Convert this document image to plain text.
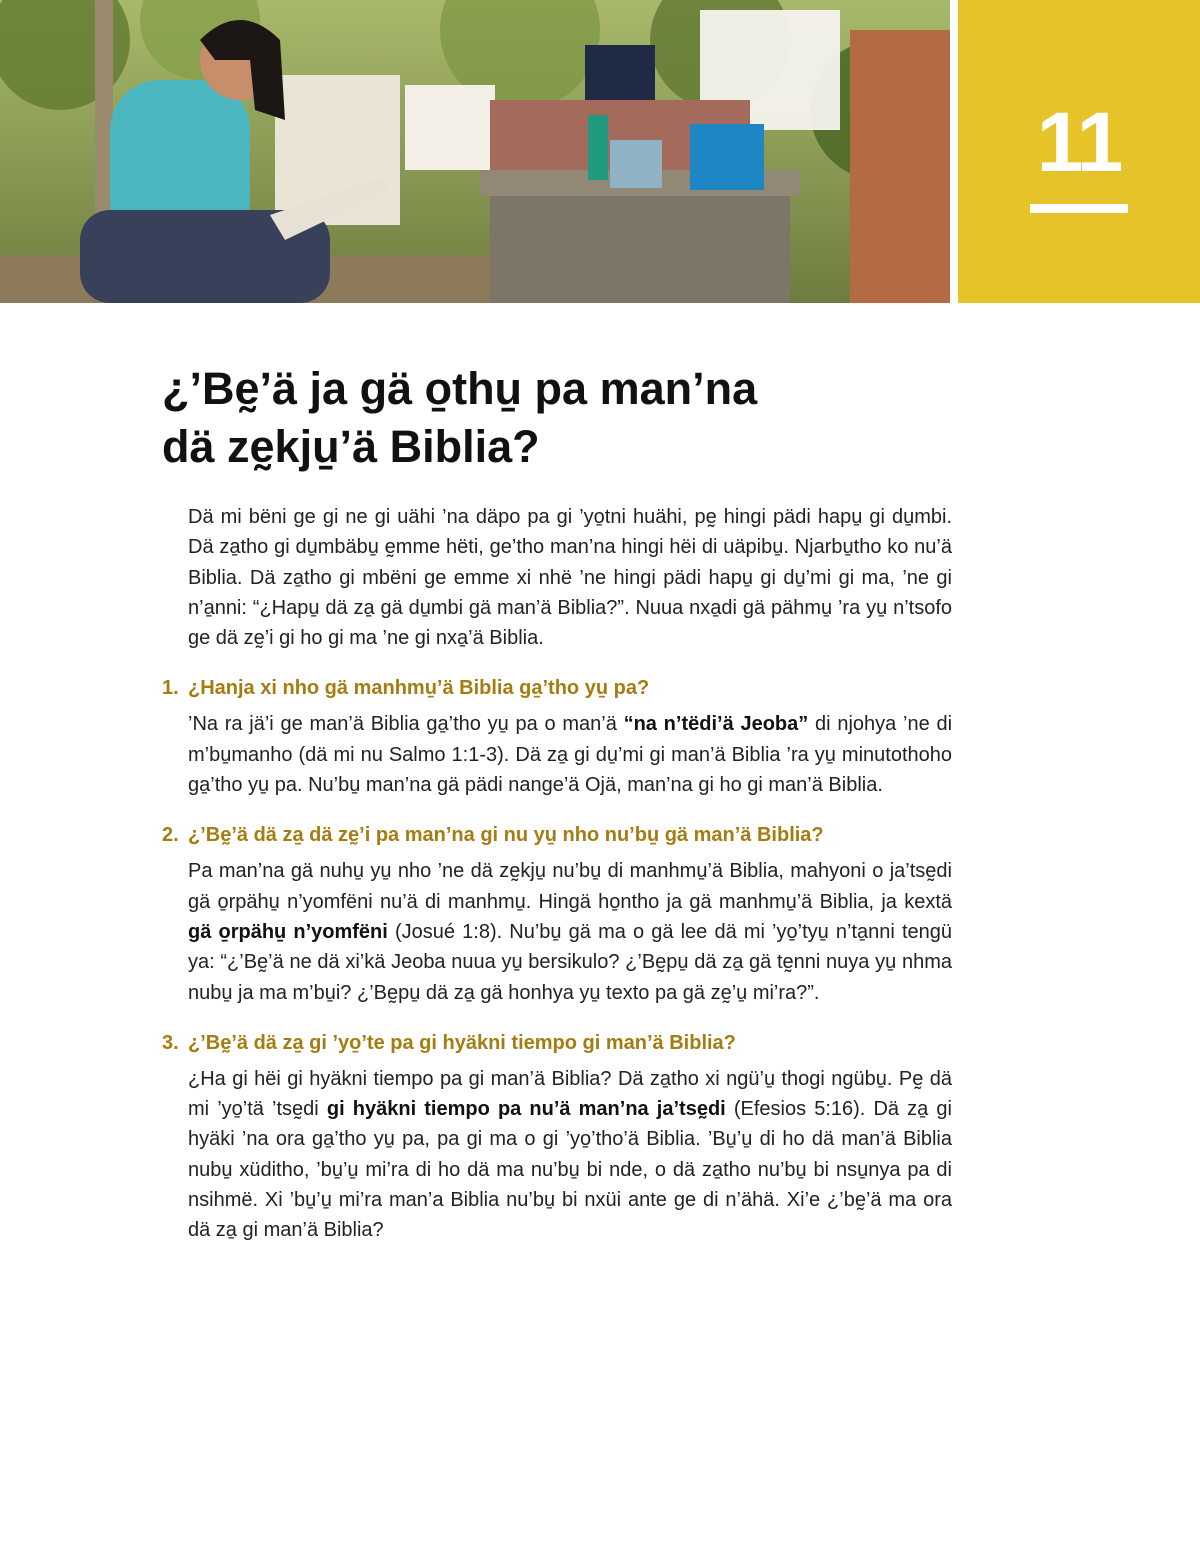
11
¿’Bḛ’ä ja gä o̱thu̱ pa man’na
dä zḛkju̱’ä Biblia?

Dä mi bëni ge gi ne gi uähi ’na däpo pa gi ’yo̱tni huähi, pḛ hingi pädi hapu̱ gi du̱mbi. Dä za̱tho gi du̱mbäbu̱ ḛmme hëti, ge’tho man’na hingi hëi di uäpibu̱. Njarbu̱tho ko nu’ä Biblia. Dä za̱tho gi mbëni ge emme xi nhë ’ne hingi pädi hapu̱ gi du̱’mi gi ma, ’ne gi n’a̱nni: “¿Hapu̱ dä za̱ gä du̱mbi gä man’ä Biblia?”. Nuua nxa̱di gä pähmu̱ ’ra yu̱ n’tsofo ge dä zḛ’i gi ho gi ma ’ne gi nxa̱’ä Biblia.

1. ¿Hanja xi nho gä manhmu̱’ä Biblia ga̱’tho yu̱ pa?

’Na ra jä’i ge man’ä Biblia ga̱’tho yu̱ pa o man’ä “na n’tëdi’ä Jeoba” di njohya ’ne di m’bu̱manho (dä mi nu Salmo 1:1-3). Dä za̱ gi du̱’mi gi man’ä Biblia ’ra yu̱ minutothoho ga̱’tho yu̱ pa. Nu’bu̱ man’na gä pädi nange’ä Ojä, man’na gi ho gi man’ä Biblia.

2. ¿’Bḛ’ä dä za̱ dä zḛ’i pa man’na gi nu yu̱ nho nu’bu̱ gä man’ä Biblia?

Pa man’na gä nuhu̱ yu̱ nho ’ne dä zḛkju̱ nu’bu̱ di manhmu̱’ä Biblia, mahyoni o ja’tsḛdi gä o̱rpähu̱ n’yomfëni nu’ä di manhmu̱. Hingä ho̱ntho ja gä manhmu̱’ä Biblia, ja kextä gä o̱rpähu̱ n’yomfëni (Josué 1:8). Nu’bu̱ gä ma o gä lee dä mi ’yo̱’tyu̱ n’ta̱nni tengü ya: “¿’Bḛ’ä ne dä xi’kä Jeoba nuua yu̱ bersikulo? ¿’Bḛpu̱ dä za̱ gä tḛnni nuya yu̱ nhma nubu̱ ja ma m’bu̱i? ¿’Bḛpu̱ dä za̱ gä honhya yu̱ texto pa gä zḛ’u̱ mi’ra?”.

3. ¿’Bḛ’ä dä za̱ gi ’yo̱’te pa gi hyäkni tiempo gi man’ä Biblia?

¿Ha gi hëi gi hyäkni tiempo pa gi man’ä Biblia? Dä za̱tho xi ngü’u̱ thogi ngübu̱. Pḛ dä mi ’yo̱’tä ’tsḛdi gi hyäkni tiempo pa nu’ä man’na ja’tsḛdi (Efesios 5:16). Dä za̱ gi hyäki ’na ora ga̱’tho yu̱ pa, pa gi ma o gi ’yo̱’tho’ä Biblia. ’Bu̱’u̱ di ho dä man’ä Biblia nubu̱ xüditho, ’bu̱’u̱ mi’ra di ho dä ma nu’bu̱ bi nde, o dä za̱tho nu’bu̱ bi nsu̱nya pa di nsihmë. Xi ’bu̱’u̱ mi’ra man’a Biblia nu’bu̱ bi nxüi ante ge di n’ähä. Xi’e ¿’bḛ’ä ma ora dä za̱ gi man’ä Biblia?
